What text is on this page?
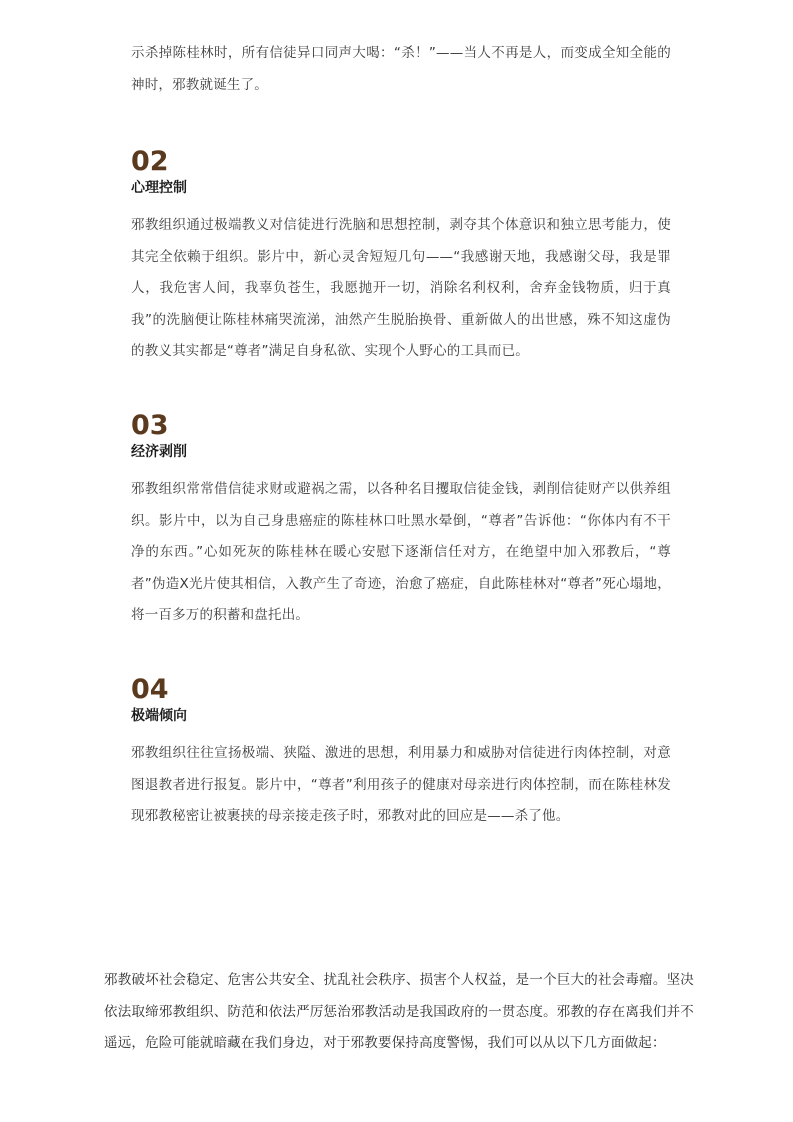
示杀掉陈桂林时，所有信徒异口同声大喝：“杀！”——当人不再是人，而变成全知全能的神时，邪教就诞生了。

02

心理控制

邪教组织通过极端教义对信徒进行洗脑和思想控制，剥夺其个体意识和独立思考能力，使其完全依赖于组织。影片中，新心灵舍短短几句——“我感谢天地，我感谢父母，我是罪人，我危害人间，我辜负苍生，我愿抛开一切，消除名利权利，舍弃金钱物质，归于真我”的洗脑便让陈桂林痛哭流涕，油然产生脱胎换骨、重新做人的出世感，殊不知这虚伪的教义其实都是“尊者”满足自身私欲、实现个人野心的工具而已。

03

经济剥削

邪教组织常常借信徒求财或避祸之需，以各种名目攫取信徒金钱，剥削信徒财产以供养组织。影片中，以为自己身患癌症的陈桂林口吐黑水晕倒，“尊者”告诉他：“你体内有不干净的东西。”心如死灰的陈桂林在暖心安慰下逐渐信任对方，在绝望中加入邪教后，“尊者”伪造X光片使其相信，入教产生了奇迹，治愈了癌症，自此陈桂林对“尊者”死心塌地，将一百多万的积蓄和盘托出。

04

极端倾向

邪教组织往往宣扬极端、狭隘、激进的思想，利用暴力和威胁对信徒进行肉体控制，对意图退教者进行报复。影片中，“尊者”利用孩子的健康对母亲进行肉体控制，而在陈桂林发现邪教秘密让被裹挟的母亲接走孩子时，邪教对此的回应是——杀了他。

邪教破坏社会稳定、危害公共安全、扰乱社会秩序、损害个人权益，是一个巨大的社会毒瘤。坚决依法取缔邪教组织、防范和依法严厉惩治邪教活动是我国政府的一贯态度。邪教的存在离我们并不遥远，危险可能就暗藏在我们身边，对于邪教要保持高度警惕，我们可以从以下几方面做起：
